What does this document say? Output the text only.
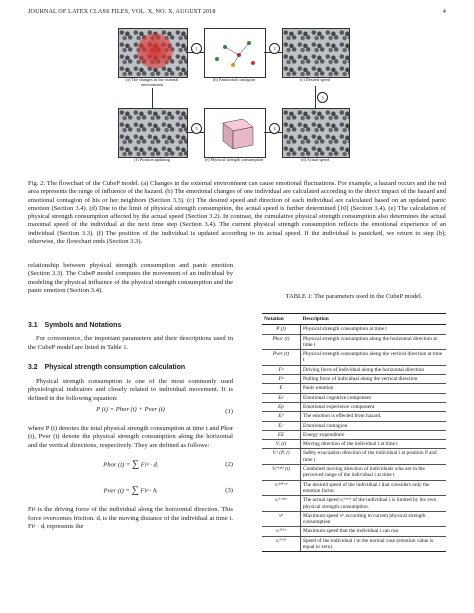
JOURNAL OF LATEX CLASS FILES, VOL. X, NO. X, AUGUST 2018	4
(a) The changes in the external environment
(b) Emotional contagion	(c) Desired speed
(f) Position updating	(e) Physical strength consumption	(d) Actual speed
1	2
3
4
5

Fig. 2: The flowchart of the CubeP model. (a) Changes in the external environment can cause emotional fluctuations. For example, a hazard occurs and the red area represents the range of influence of the hazard. (b) The emotional changes of one individual are calculated according to the direct impact of the hazard and emotional contagion of his or her neighbors (Section 3.3). (c) The desired speed and direction of each individual are calculated based on an updated panic emotion (Section 3.4). (d) Due to the limit of physical strength consumption, the actual speed is further determined [10] (Section 3.4). (e) The calculation of physical strength consumption affected by the actual speed (Section 3.2). In contrast, the cumulative physical strength consumption also determines the actual maximal speed of the individual at the next time step (Section 3.4). The current physical strength consumption reflects the emotional experience of an individual (Section 3.3). (f) The position of the individual is updated according to its actual speed. If the individual is panicked, we return to step (b); otherwise, the flowchart ends (Section 3.3).

relationship between physical strength consumption and panic emotion (Section 3.3). The CubeP model computes the movement of an individual by modeling the physical influence of the physical strength consumption and the panic emotion (Section 3.4).

3.1 Symbols and Notations

For convenience, the important parameters and their descriptions used in the CubeP model are listed in Table 1.

3.2 Physical strength consumption calculation

Physical strength consumption is one of the most commonly used physiological indicators and closely related to individual movement. It is defined in the following equation:

P (t) = Phor (t) + Pver (t)	(1)

where P (t) denotes the total physical strength consumption at time t and Phor (t), Pver (t) denote the physical strength consumption along the horizontal and the vertical directions, respectively. They are defined as follows:

Phor (t) = ∑ Fiᵍ · dᵢ	(2)
Pver (t) = ∑ Fiᵖ · hᵢ	(3)

Fiᵍ is the driving force of the individual along the horizontal direction. This force overcomes friction. dᵢ is the moving distance of the individual at time t. Fiᵍ · dᵢ represents the

TABLE 1: The parameters used in the CubeP model.
Notation	Description
P (t)	Physical strength consumption at time t
Phor (t)	Physical strength consumption along the horizontal direction at time t
Pver (t)	Physical strength consumption along the vertical direction at time t
Fᵍ	Driving force of individual along the horizontal direction
Fᵖ	Pulling force of individual along the vertical direction
E	Panic emotion
Ec	Emotional cognitive component
Ep	Emotional experience component
Eᵢʰ	The emotion is effected from hazard.
Eᵢᶜ	Emotional contagion
EE	Energy expenditure
Vᵢ (t)	Moving direction of the individual i at time t
Vᵢᵉ (P, t)	Safety evacuation direction of the individual i at position P and time t
Vᵢʳᵒᵘⁿᵈ (t)	Combined moving direction of individuals who are in the perceived range of the individual i at time t
vᵢᵈᵉˢⁱʳᵉᵈ	The desired speed of the individual i that considers only the emotion factor.
vᵢᵃᶜᵗᵘᵃˡ	The actual speed vᵢᵃᶜᵗᵘᵃˡ of the individual i is limited by his own physical strength consumption.
vᵖ	Maximum speed vᵖ according to current physical strength consumption
vᵢᴹᴬˣ	Maximum speed that the individual i can run
vᵢᴺᴼᴿ	Speed of the individual i in the normal case (emotion value is equal to zero)
